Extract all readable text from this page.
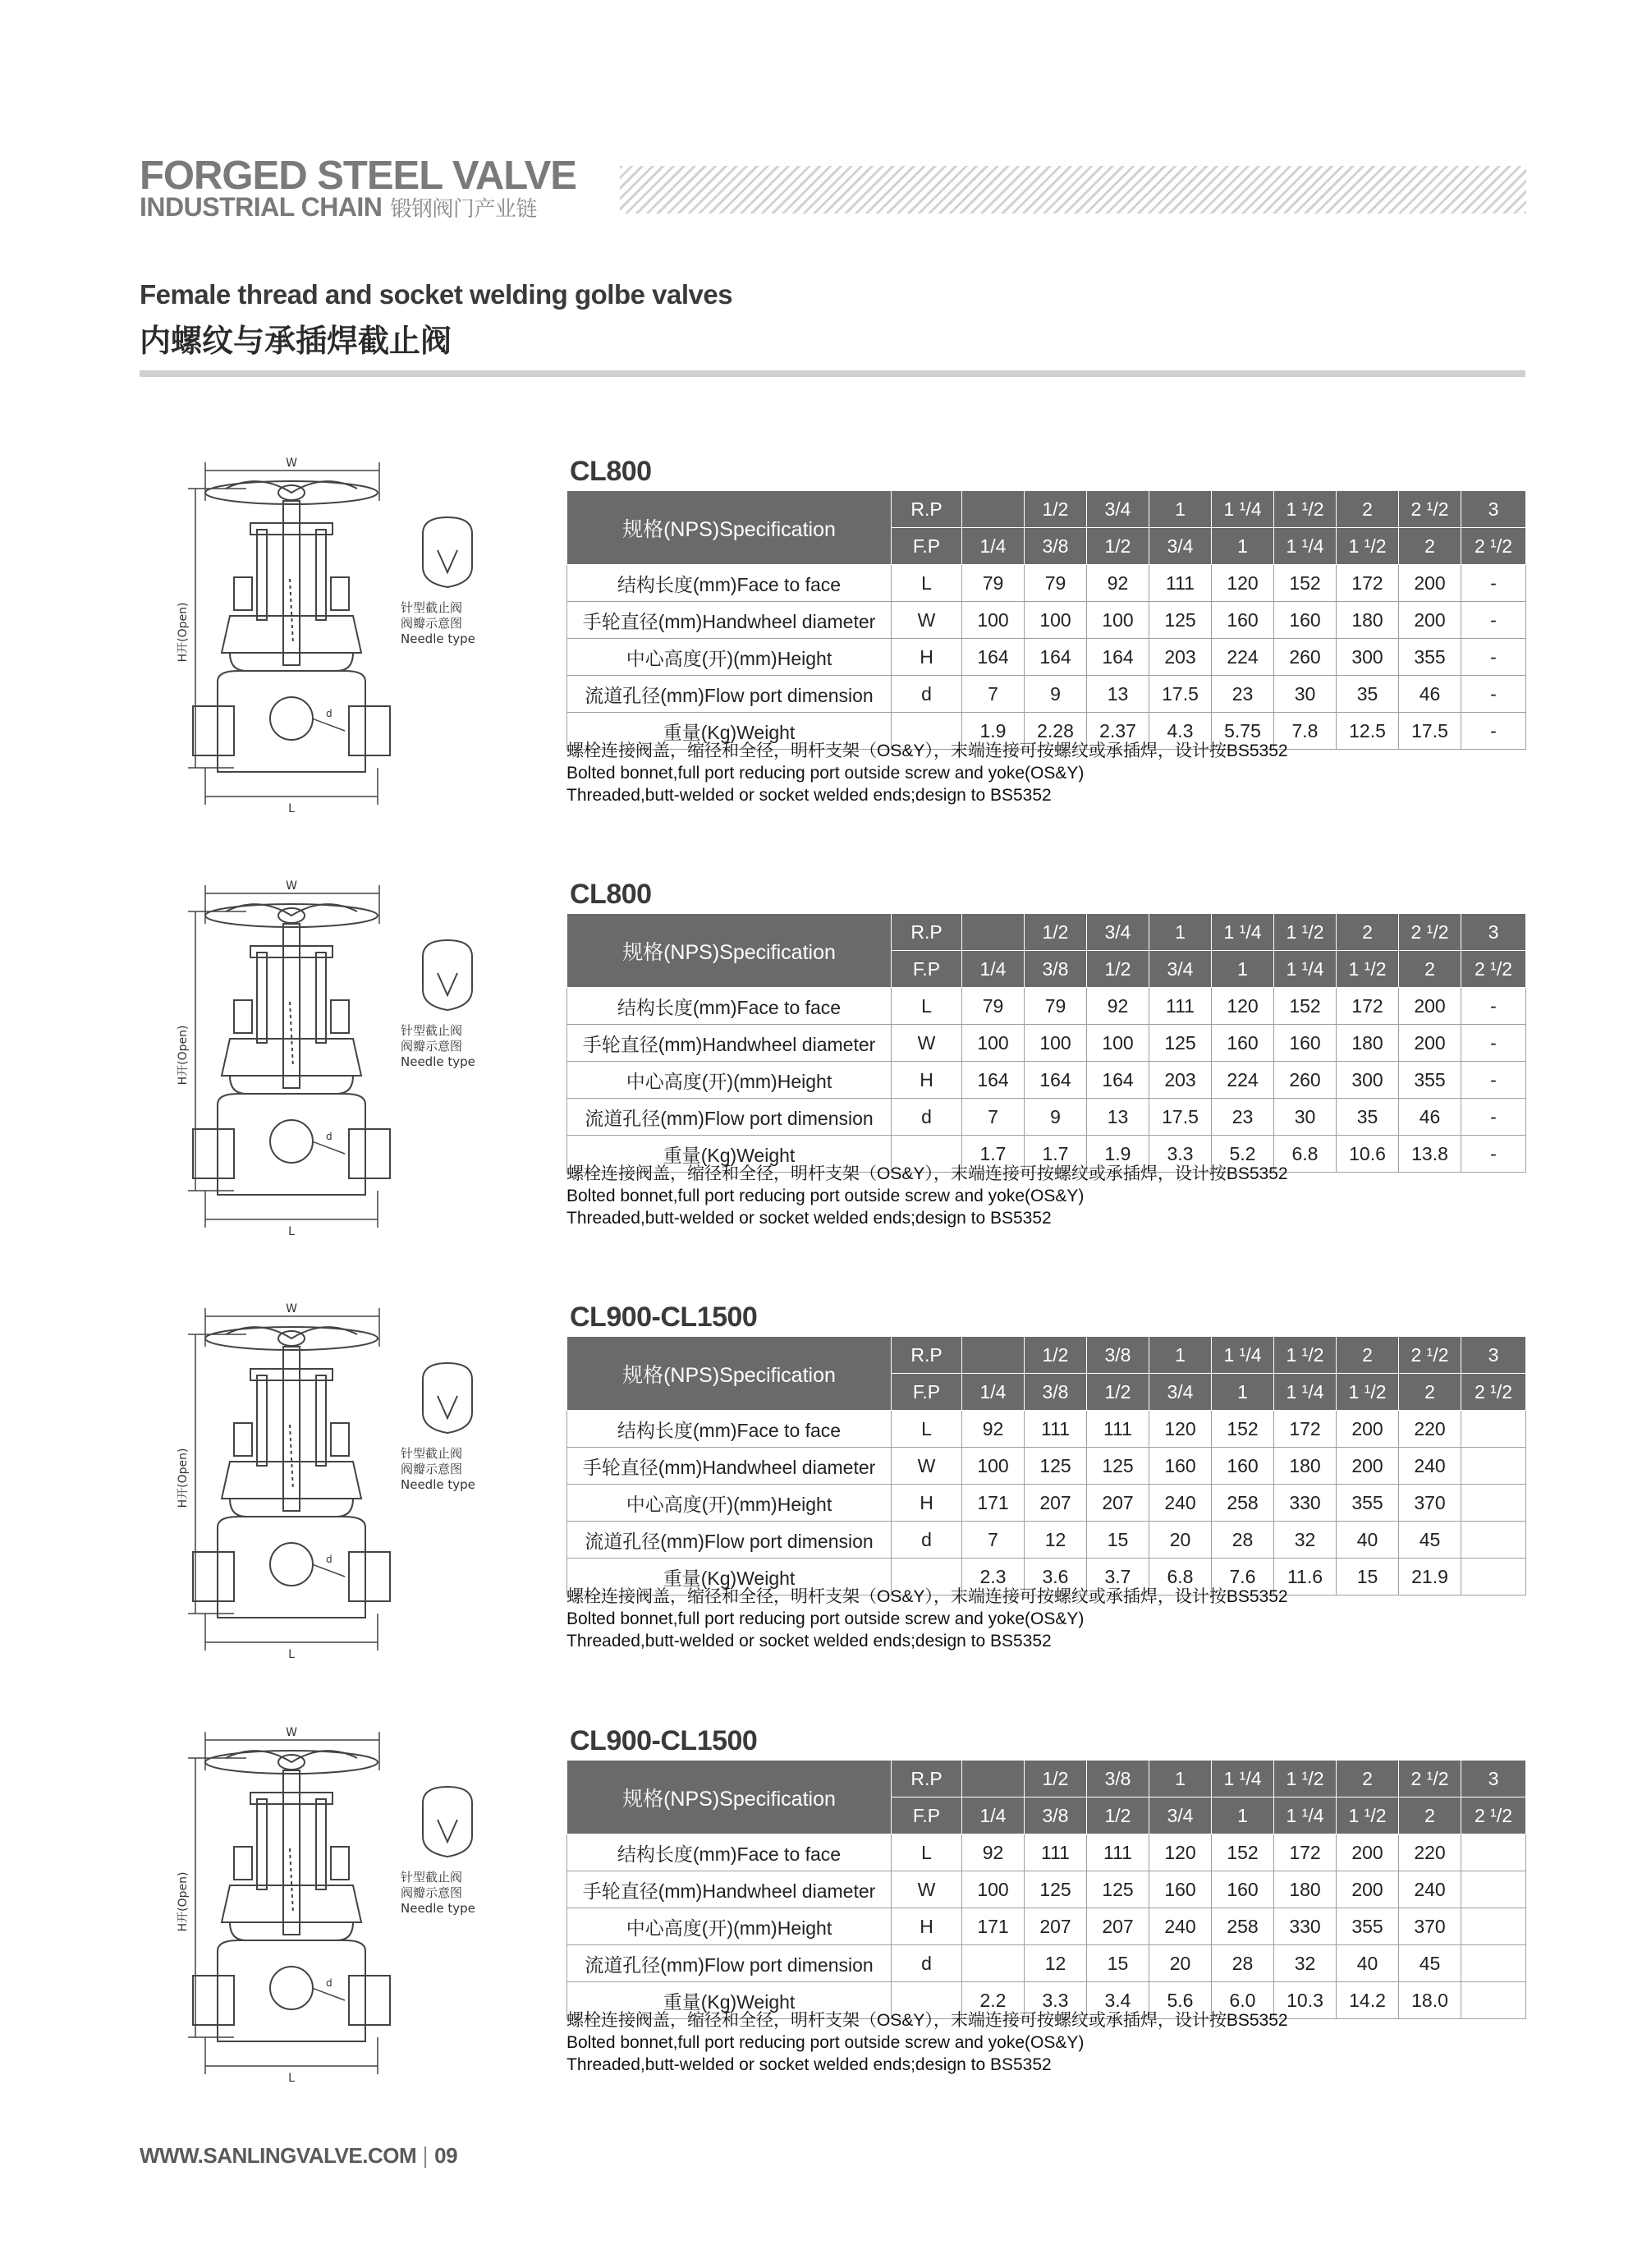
FORGED STEEL VALVE
INDUSTRIAL CHAIN 锻钢阀门产业链
Female thread and socket welding golbe valves
内螺纹与承插焊截止阀
W
H开(Open)
L
d
针型截止阀
阀瓣示意图
Needle type
CL800
规格(NPS)Specification	R.P		1/2	3/4	1	1 ¹/4	1 ¹/2	2	2 ¹/2	3
	F.P	1/4	3/8	1/2	3/4	1	1 ¹/4	1 ¹/2	2	2 ¹/2
结构长度(mm)Face to face	L	79	79	92	111	120	152	172	200	-
手轮直径(mm)Handwheel diameter	W	100	100	100	125	160	160	180	200	-
中心高度(开)(mm)Height	H	164	164	164	203	224	260	300	355	-
流道孔径(mm)Flow port dimension	d	7	9	13	17.5	23	30	35	46	-
重量(Kg)Weight		1.9	2.28	2.37	4.3	5.75	7.8	12.5	17.5	-
螺栓连接阀盖，缩径和全径，明杆支架（OS&Y），末端连接可按螺纹或承插焊，设计按BS5352
Bolted bonnet,full port reducing port outside screw and yoke(OS&Y)
Threaded,butt-welded or socket welded ends;design to BS5352
W
H开(Open)
L
d
针型截止阀
阀瓣示意图
Needle type
CL800
规格(NPS)Specification	R.P		1/2	3/4	1	1 ¹/4	1 ¹/2	2	2 ¹/2	3
	F.P	1/4	3/8	1/2	3/4	1	1 ¹/4	1 ¹/2	2	2 ¹/2
结构长度(mm)Face to face	L	79	79	92	111	120	152	172	200	-
手轮直径(mm)Handwheel diameter	W	100	100	100	125	160	160	180	200	-
中心高度(开)(mm)Height	H	164	164	164	203	224	260	300	355	-
流道孔径(mm)Flow port dimension	d	7	9	13	17.5	23	30	35	46	-
重量(Kg)Weight		1.7	1.7	1.9	3.3	5.2	6.8	10.6	13.8	-
螺栓连接阀盖，缩径和全径，明杆支架（OS&Y），末端连接可按螺纹或承插焊，设计按BS5352
Bolted bonnet,full port reducing port outside screw and yoke(OS&Y)
Threaded,butt-welded or socket welded ends;design to BS5352
W
H开(Open)
L
d
针型截止阀
阀瓣示意图
Needle type
CL900-CL1500
规格(NPS)Specification	R.P		1/2	3/8	1	1 ¹/4	1 ¹/2	2	2 ¹/2	3
	F.P	1/4	3/8	1/2	3/4	1	1 ¹/4	1 ¹/2	2	2 ¹/2
结构长度(mm)Face to face	L	92	111	111	120	152	172	200	220	
手轮直径(mm)Handwheel diameter	W	100	125	125	160	160	180	200	240	
中心高度(开)(mm)Height	H	171	207	207	240	258	330	355	370	
流道孔径(mm)Flow port dimension	d	7	12	15	20	28	32	40	45	
重量(Kg)Weight		2.3	3.6	3.7	6.8	7.6	11.6	15	21.9	
螺栓连接阀盖，缩径和全径，明杆支架（OS&Y），末端连接可按螺纹或承插焊，设计按BS5352
Bolted bonnet,full port reducing port outside screw and yoke(OS&Y)
Threaded,butt-welded or socket welded ends;design to BS5352
W
H开(Open)
L
d
针型截止阀
阀瓣示意图
Needle type
CL900-CL1500
规格(NPS)Specification	R.P		1/2	3/8	1	1 ¹/4	1 ¹/2	2	2 ¹/2	3
	F.P	1/4	3/8	1/2	3/4	1	1 ¹/4	1 ¹/2	2	2 ¹/2
结构长度(mm)Face to face	L	92	111	111	120	152	172	200	220	
手轮直径(mm)Handwheel diameter	W	100	125	125	160	160	180	200	240	
中心高度(开)(mm)Height	H	171	207	207	240	258	330	355	370	
流道孔径(mm)Flow port dimension	d		12	15	20	28	32	40	45	
重量(Kg)Weight		2.2	3.3	3.4	5.6	6.0	10.3	14.2	18.0	
螺栓连接阀盖，缩径和全径，明杆支架（OS&Y），末端连接可按螺纹或承插焊，设计按BS5352
Bolted bonnet,full port reducing port outside screw and yoke(OS&Y)
Threaded,butt-welded or socket welded ends;design to BS5352
WWW.SANLINGVALVE.COM 09
